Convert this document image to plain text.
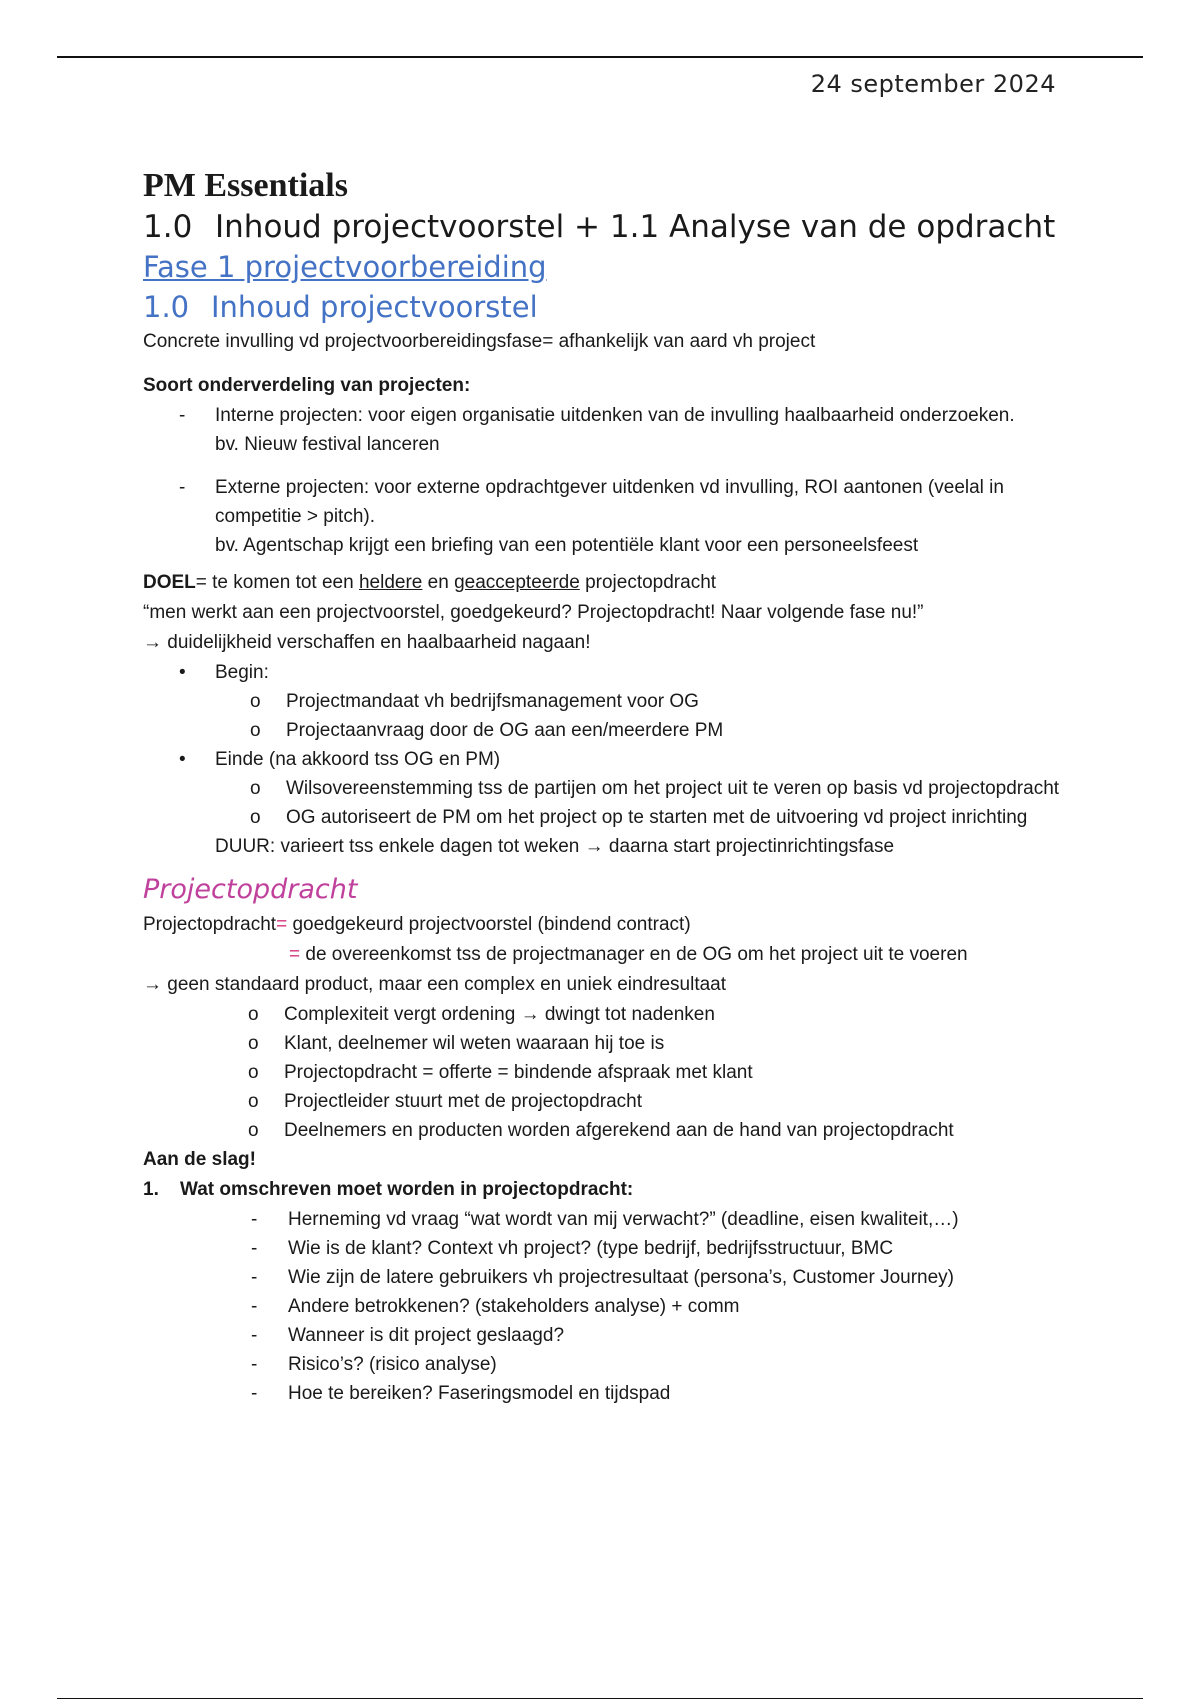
24 september 2024
PM Essentials
1.0 Inhoud projectvoorstel + 1.1 Analyse van de opdracht
Fase 1 projectvoorbereiding
1.0 Inhoud projectvoorstel

Concrete invulling vd projectvoorbereidingsfase= afhankelijk van aard vh project

Soort onderverdeling van projecten:

-	Interne projecten: voor eigen organisatie uitdenken van de invulling haalbaarheid onderzoeken.
bv. Nieuw festival lanceren
-	Externe projecten: voor externe opdrachtgever uitdenken vd invulling, ROI aantonen (veelal in competitie > pitch).
bv. Agentschap krijgt een briefing van een potentiële klant voor een personeelsfeest

DOEL= te komen tot een heldere en geaccepteerde projectopdracht

“men werkt aan een projectvoorstel, goedgekeurd? Projectopdracht! Naar volgende fase nu!”

→ duidelijkheid verschaffen en haalbaarheid nagaan!

•	Begin:
o	Projectmandaat vh bedrijfsmanagement voor OG
o	Projectaanvraag door de OG aan een/meerdere PM
•	Einde (na akkoord tss OG en PM)
o	Wilsovereenstemming tss de partijen om het project uit te veren op basis vd projectopdracht
o	OG autoriseert de PM om het project op te starten met de uitvoering vd project inrichting

DUUR: varieert tss enkele dagen tot weken → daarna start projectinrichtingsfase

Projectopdracht

Projectopdracht= goedgekeurd projectvoorstel (bindend contract)

= de overeenkomst tss de projectmanager en de OG om het project uit te voeren

→ geen standaard product, maar een complex en uniek eindresultaat

o	Complexiteit vergt ordening → dwingt tot nadenken
o	Klant, deelnemer wil weten waaraan hij toe is
o	Projectopdracht = offerte = bindende afspraak met klant
o	Projectleider stuurt met de projectopdracht
o	Deelnemers en producten worden afgerekend aan de hand van projectopdracht

Aan de slag!

1.	Wat omschreven moet worden in projectopdracht:
-	Herneming vd vraag “wat wordt van mij verwacht?” (deadline, eisen kwaliteit,…)
-	Wie is de klant? Context vh project? (type bedrijf, bedrijfsstructuur, BMC
-	Wie zijn de latere gebruikers vh projectresultaat (persona’s, Customer Journey)
-	Andere betrokkenen? (stakeholders analyse) + comm
-	Wanneer is dit project geslaagd?
-	Risico’s? (risico analyse)
-	Hoe te bereiken? Faseringsmodel en tijdspad
